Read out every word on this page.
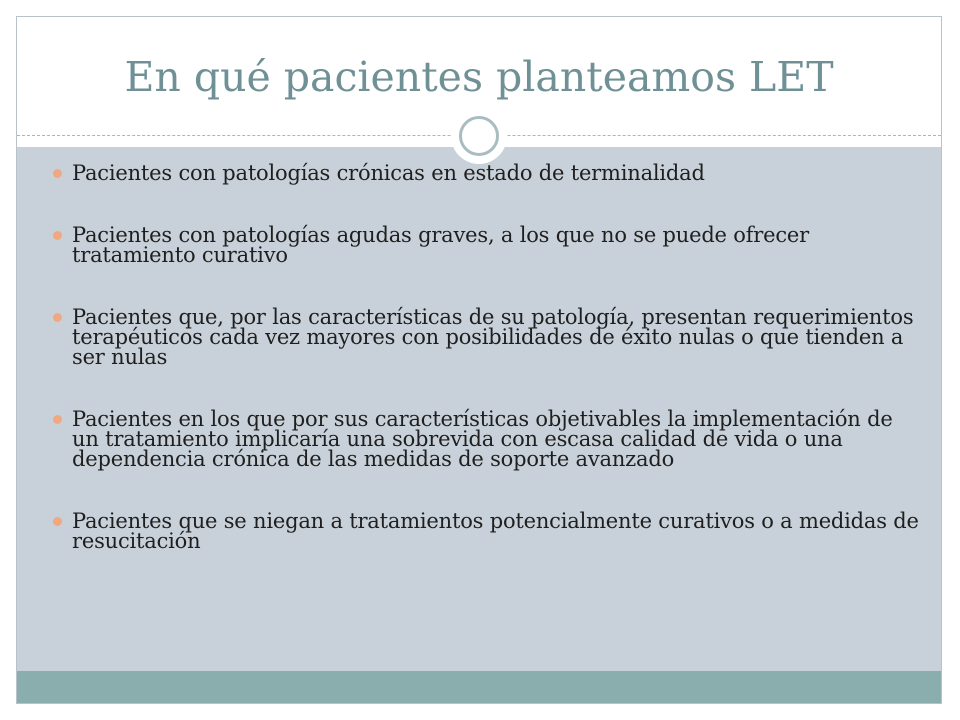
En qué pacientes planteamos LET
Pacientes con patologías crónicas en estado de terminalidad
Pacientes con patologías agudas graves, a los que no se puede ofrecer tratamiento curativo
Pacientes que, por las características de su patología, presentan requerimientos terapéuticos cada vez mayores con posibilidades de éxito nulas o que tienden a ser nulas
Pacientes en los que por sus características objetivables la implementación de un tratamiento implicaría una sobrevida con escasa calidad de vida o una dependencia crónica de las medidas de soporte avanzado
Pacientes que se niegan a tratamientos potencialmente curativos o a medidas de resucitación
